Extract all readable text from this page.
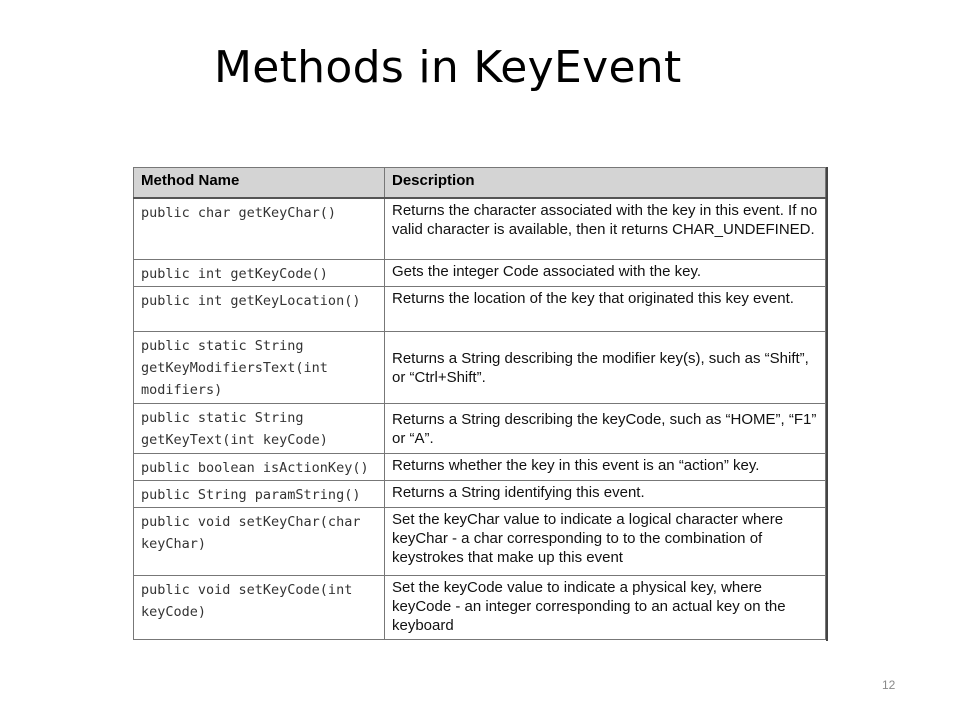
Methods in KeyEvent
Method Name	Description
public char getKeyChar()	Returns the character associated with the key in this event. If no valid character is available, then it returns CHAR_UNDEFINED.
public int getKeyCode()	Gets the integer Code associated with the key.
public int getKeyLocation()	Returns the location of the key that originated this key event.
public static String getKeyModifiersText(int modifiers)	Returns a String describing the modifier key(s), such as “Shift”, or “Ctrl+Shift”.
public static String getKeyText(int keyCode)	Returns a String describing the keyCode, such as “HOME”, “F1” or “A”.
public boolean isActionKey()	Returns whether the key in this event is an “action” key.
public String paramString()	Returns a String identifying this event.
public void setKeyChar(char keyChar)	Set the keyChar value to indicate a logical character where keyChar - a char corresponding to to the combination of keystrokes that make up this event
public void setKeyCode(int keyCode)	Set the keyCode value to indicate a physical key, where keyCode - an integer corresponding to an actual key on the keyboard
12
